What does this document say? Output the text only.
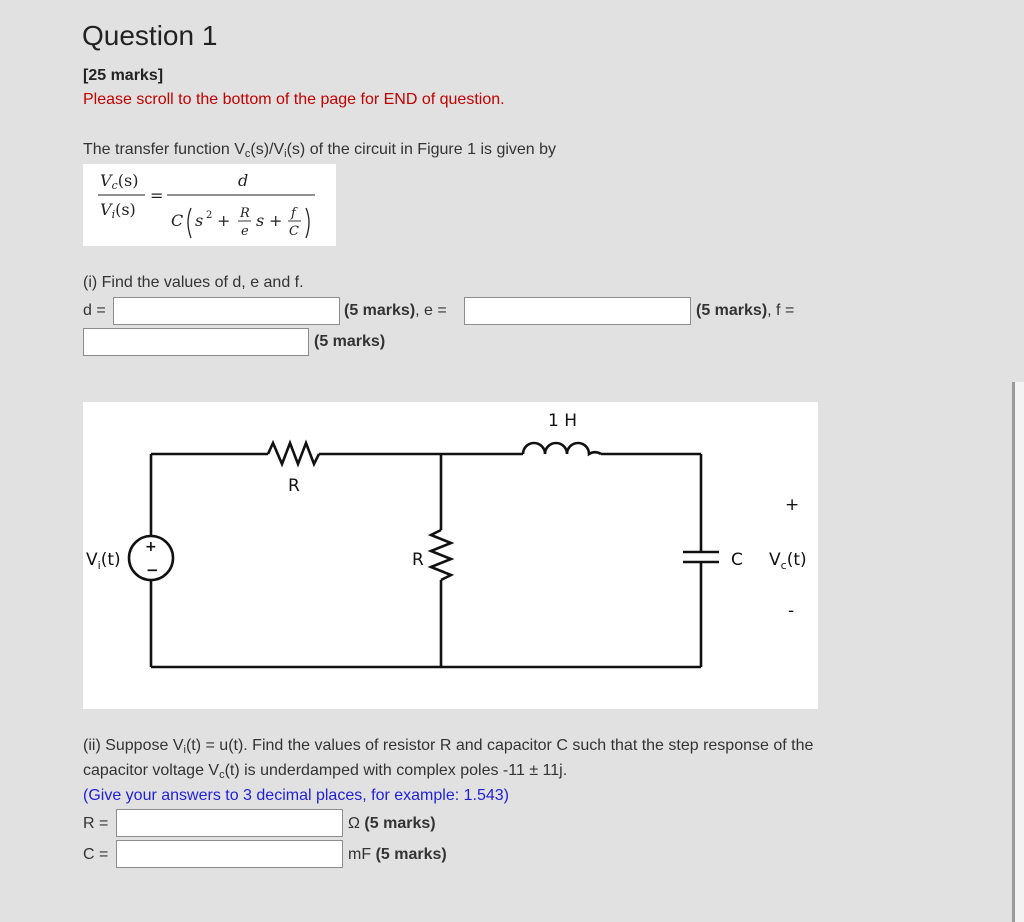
Question 1
[25 marks]
Please scroll to the bottom of the page for END of question.
The transfer function $V_c(s)/V_i(s)$ of the circuit in Figure 1 is given by
Vc(s)
Vi(s)
=
d
C s 2 + R
e
s + f
C
(i) Find the values of d, e and f.
d =	(5 marks), e =	(5 marks), f =
(5 marks)
+
−
1 H
R
R	C
$V_i(t)$	$V_c(t)$
+
-
(ii) Suppose $V_i(t) = u(t)$. Find the values of resistor R and capacitor C such that the step response of the
capacitor voltage $V_c(t)$ is underdamped with complex poles -11 ± 11j.
(Give your answers to 3 decimal places, for example: 1.543)
R =	Ω (5 marks)
C =	mF (5 marks)
